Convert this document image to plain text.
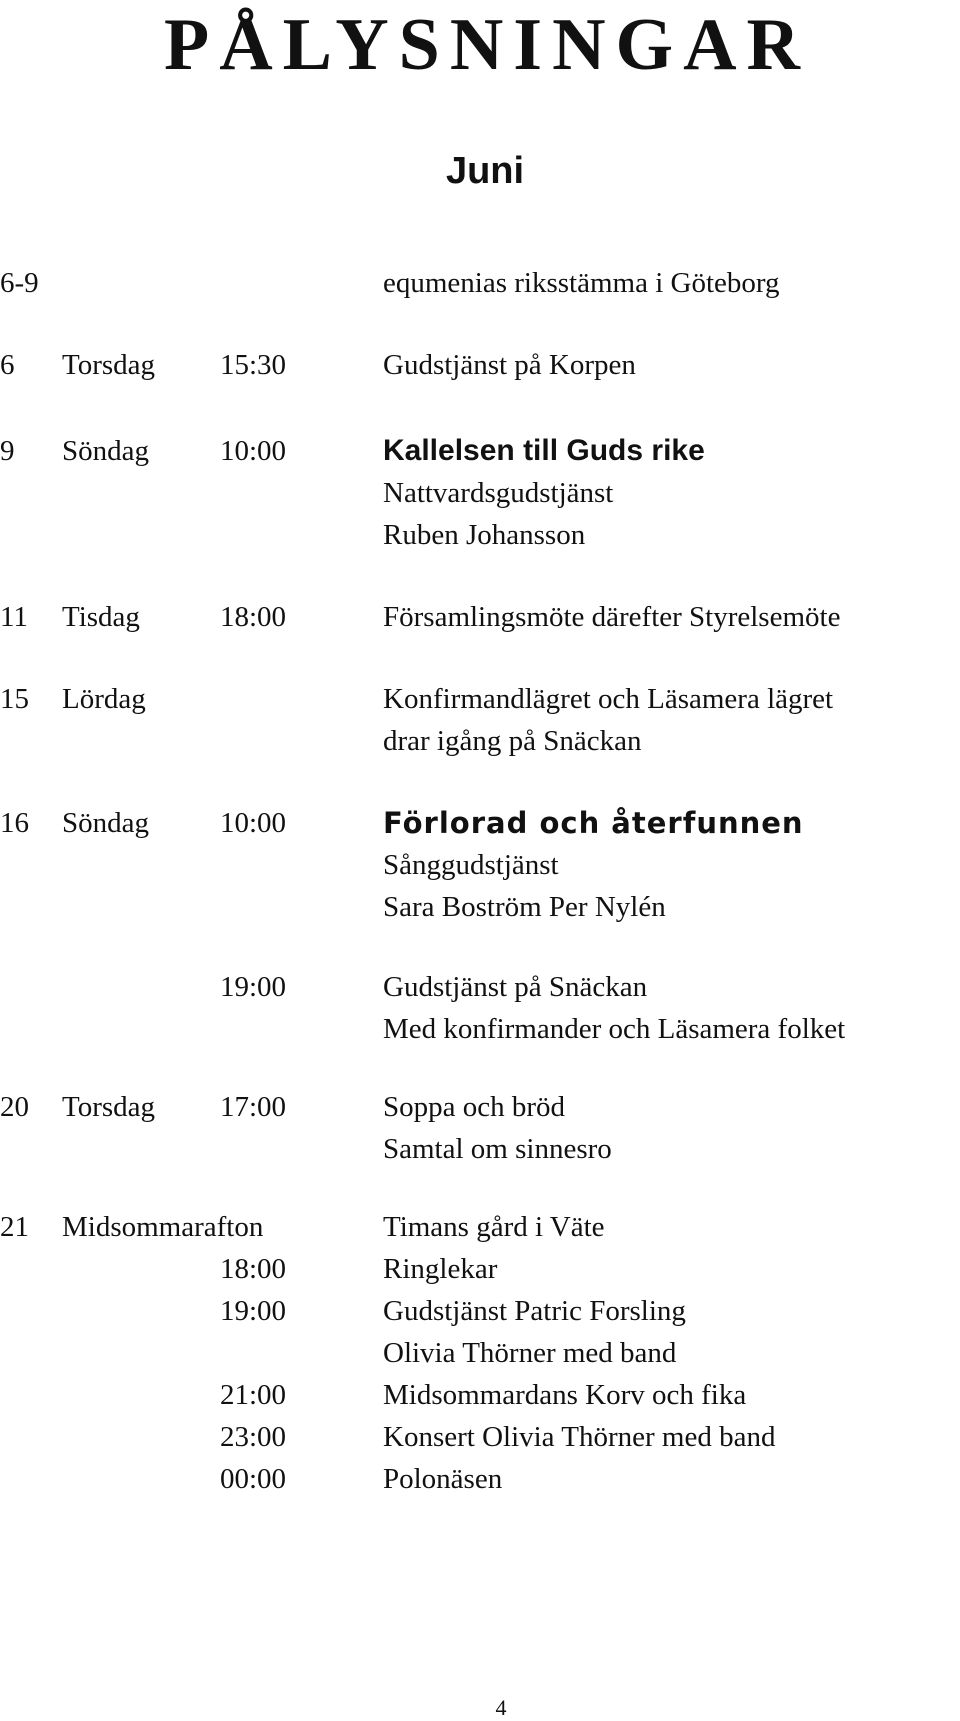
PÅLYSNINGAR
Juni
6-9	equmenias riksstämma i Göteborg
6	Torsdag	15:30	Gudstjänst på Korpen
9	Söndag	10:00	Kallelsen till Guds rike
Nattvardsgudstjänst
Ruben Johansson
11	Tisdag	18:00	Församlingsmöte därefter Styrelsemöte
15	Lördag	Konfirmandlägret och Läsamera lägret
drar igång på Snäckan
16	Söndag	10:00	Förlorad och återfunnen
Sånggudstjänst
Sara Boström Per Nylén
19:00	Gudstjänst på Snäckan
Med konfirmander och Läsamera folket
20	Torsdag	17:00	Soppa och bröd
Samtal om sinnesro
21	Midsommarafton	Timans gård i Väte
18:00	Ringlekar
19:00	Gudstjänst Patric Forsling
Olivia Thörner med band
21:00	Midsommardans Korv och fika
23:00	Konsert Olivia Thörner med band
00:00	Polonäsen
4
